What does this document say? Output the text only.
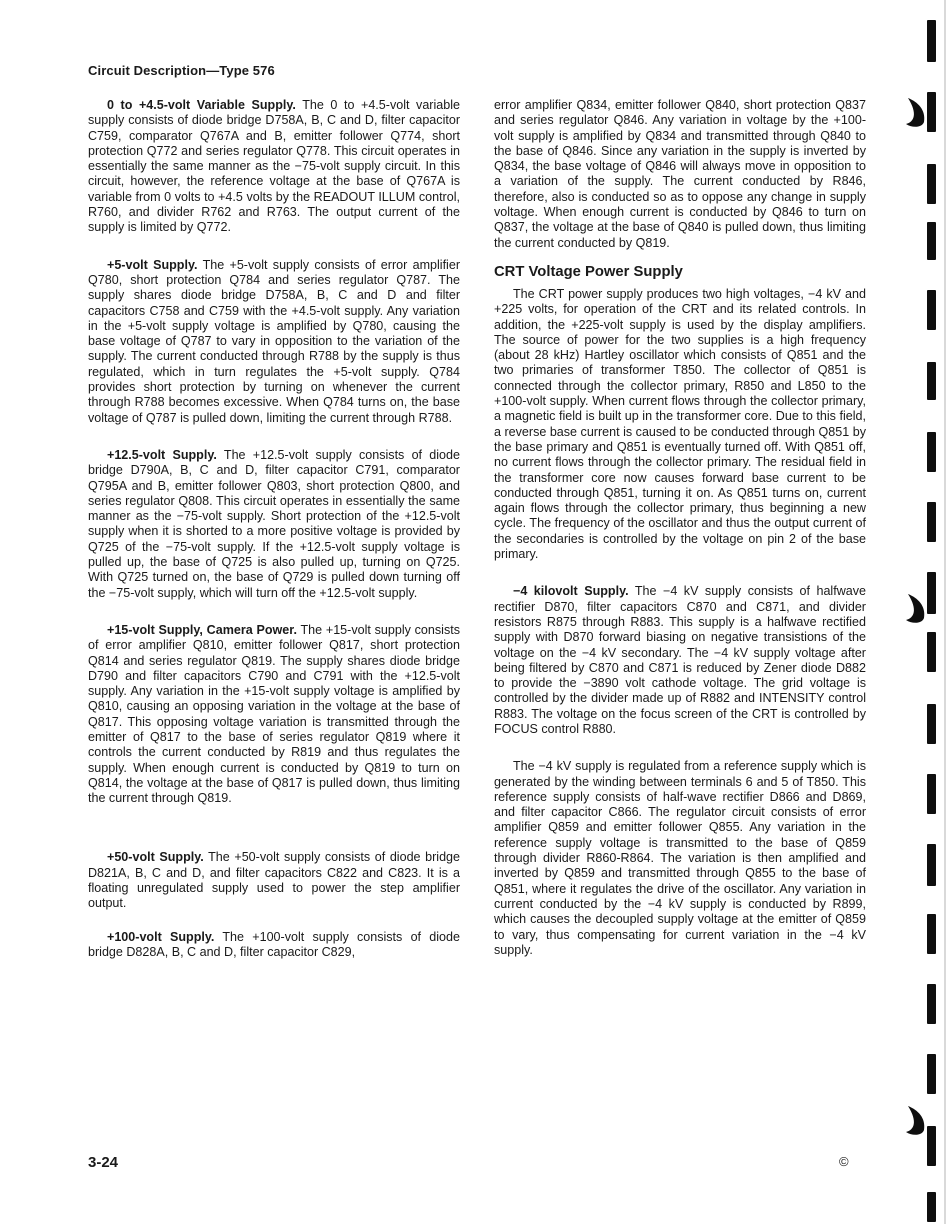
Circuit Description—Type 576

0 to +4.5-volt Variable Supply. The 0 to +4.5-volt variable supply consists of diode bridge D758A, B, C and D, filter capacitor C759, comparator Q767A and B, emitter follower Q774, short protection Q772 and series regulator Q778. This circuit operates in essentially the same manner as the −75-volt supply circuit. In this circuit, however, the reference voltage at the base of Q767A is variable from 0 volts to +4.5 volts by the READOUT ILLUM control, R760, and divider R762 and R763. The output current of the supply is limited by Q772.

+5-volt Supply. The +5-volt supply consists of error amplifier Q780, short protection Q784 and series regulator Q787. The supply shares diode bridge D758A, B, C and D and filter capacitors C758 and C759 with the +4.5-volt supply. Any variation in the +5-volt supply voltage is amplified by Q780, causing the base voltage of Q787 to vary in opposition to the variation of the supply. The current conducted through R788 by the supply is thus regulated, which in turn regulates the +5-volt supply. Q784 provides short protection by turning on whenever the current through R788 becomes excessive. When Q784 turns on, the base voltage of Q787 is pulled down, limiting the current through R788.

+12.5-volt Supply. The +12.5-volt supply consists of diode bridge D790A, B, C and D, filter capacitor C791, comparator Q795A and B, emitter follower Q803, short protection Q800, and series regulator Q808. This circuit operates in essentially the same manner as the −75-volt supply. Short protection of the +12.5-volt supply when it is shorted to a more positive voltage is provided by Q725 of the −75-volt supply. If the +12.5-volt supply voltage is pulled up, the base of Q725 is also pulled up, turning on Q725. With Q725 turned on, the base of Q729 is pulled down turning off the −75-volt supply, which will turn off the +12.5-volt supply.

+15-volt Supply, Camera Power. The +15-volt supply consists of error amplifier Q810, emitter follower Q817, short protection Q814 and series regulator Q819. The supply shares diode bridge D790 and filter capacitors C790 and C791 with the +12.5-volt supply. Any variation in the +15-volt supply voltage is amplified by Q810, causing an opposing variation in the voltage at the base of Q817. This opposing voltage variation is transmitted through the emitter of Q817 to the base of series regulator Q819 where it controls the current conducted by R819 and thus regulates the supply. When enough current is conducted by Q819 to turn on Q814, the voltage at the base of Q817 is pulled down, thus limiting the current through Q819.

+50-volt Supply. The +50-volt supply consists of diode bridge D821A, B, C and D, and filter capacitors C822 and C823. It is a floating unregulated supply used to power the step amplifier output.

+100-volt Supply. The +100-volt supply consists of diode bridge D828A, B, C and D, filter capacitor C829,

error amplifier Q834, emitter follower Q840, short protection Q837 and series regulator Q846. Any variation in voltage by the +100-volt supply is amplified by Q834 and transmitted through Q840 to the base of Q846. Since any variation in the supply is inverted by Q834, the base voltage of Q846 will always move in opposition to a variation of the supply. The current conducted by R846, therefore, also is conducted so as to oppose any change in supply voltage. When enough current is conducted by Q846 to turn on Q837, the voltage at the base of Q840 is pulled down, thus limiting the current conducted by Q819.

CRT Voltage Power Supply

The CRT power supply produces two high voltages, −4 kV and +225 volts, for operation of the CRT and its related controls. In addition, the +225-volt supply is used by the display amplifiers. The source of power for the two supplies is a high frequency (about 28 kHz) Hartley oscillator which consists of Q851 and the two primaries of transformer T850. The collector of Q851 is connected through the collector primary, R850 and L850 to the +100-volt supply. When current flows through the collector primary, a magnetic field is built up in the transformer core. Due to this field, a reverse base current is caused to be conducted through Q851 by the base primary and Q851 is eventually turned off. With Q851 off, no current flows through the collector primary. The residual field in the transformer core now causes forward base current to be conducted through Q851, turning it on. As Q851 turns on, current again flows through the collector primary, thus beginning a new cycle. The frequency of the oscillator and thus the output current of the secondaries is controlled by the voltage on pin 2 of the base primary.

−4 kilovolt Supply. The −4 kV supply consists of halfwave rectifier D870, filter capacitors C870 and C871, and divider resistors R875 through R883. This supply is a halfwave rectified supply with D870 forward biasing on negative transistions of the voltage on the −4 kV secondary. The −4 kV supply voltage after being filtered by C870 and C871 is reduced by Zener diode D882 to provide the −3890 volt cathode voltage. The grid voltage is controlled by the divider made up of R882 and INTENSITY control R883. The voltage on the focus screen of the CRT is controlled by FOCUS control R880.

The −4 kV supply is regulated from a reference supply which is generated by the winding between terminals 6 and 5 of T850. This reference supply consists of half-wave rectifier D866 and D869, and filter capacitor C866. The regulator circuit consists of error amplifier Q859 and emitter follower Q855. Any variation in the reference supply voltage is transmitted to the base of Q859 through divider R860-R864. The variation is then amplified and inverted by Q859 and transmitted through Q855 to the base of Q851, where it regulates the drive of the oscillator. Any variation in current conducted by the −4 kV supply is conducted by R899, which causes the decoupled supply voltage at the emitter of Q859 to vary, thus compensating for current variation in the −4 kV supply.

3-24	©
